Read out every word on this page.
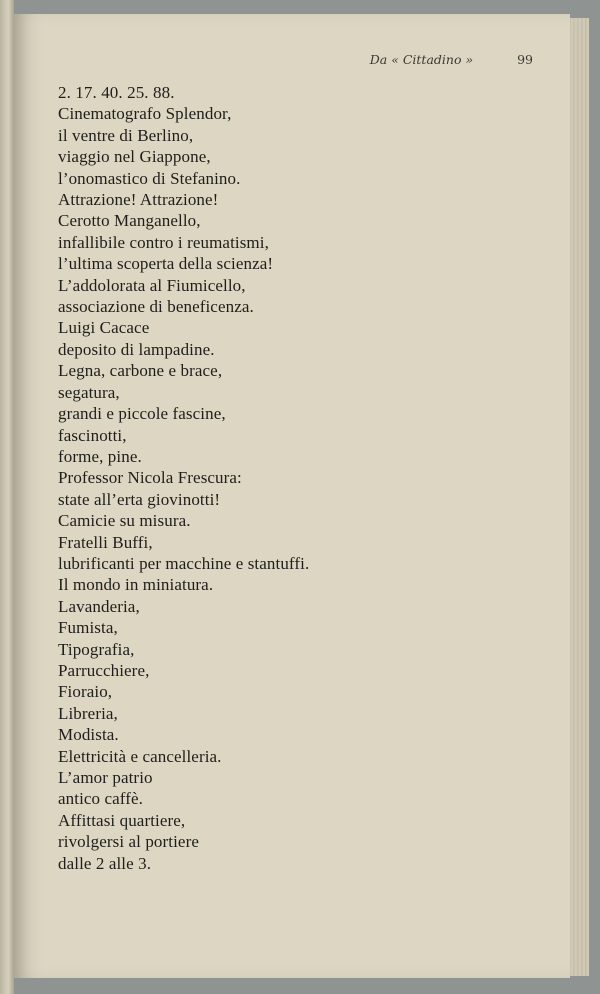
Da « Cittadino »	99
2. 17. 40. 25. 88.
Cinematografo Splendor,
il ventre di Berlino,
viaggio nel Giappone,
l’onomastico di Stefanino.
Attrazione! Attrazione!
Cerotto Manganello,
infallibile contro i reumatismi,
l’ultima scoperta della scienza!
L’addolorata al Fiumicello,
associazione di beneficenza.
Luigi Cacace
deposito di lampadine.
Legna, carbone e brace,
segatura,
grandi e piccole fascine,
fascinotti,
forme, pine.
Professor Nicola Frescura:
state all’erta giovinotti!
Camicie su misura.
Fratelli Buffi,
lubrificanti per macchine e stantuffi.
Il mondo in miniatura.
Lavanderia,
Fumista,
Tipografia,
Parrucchiere,
Fioraio,
Libreria,
Modista.
Elettricità e cancelleria.
L’amor patrio
antico caffè.
Affittasi quartiere,
rivolgersi al portiere
dalle 2 alle 3.
